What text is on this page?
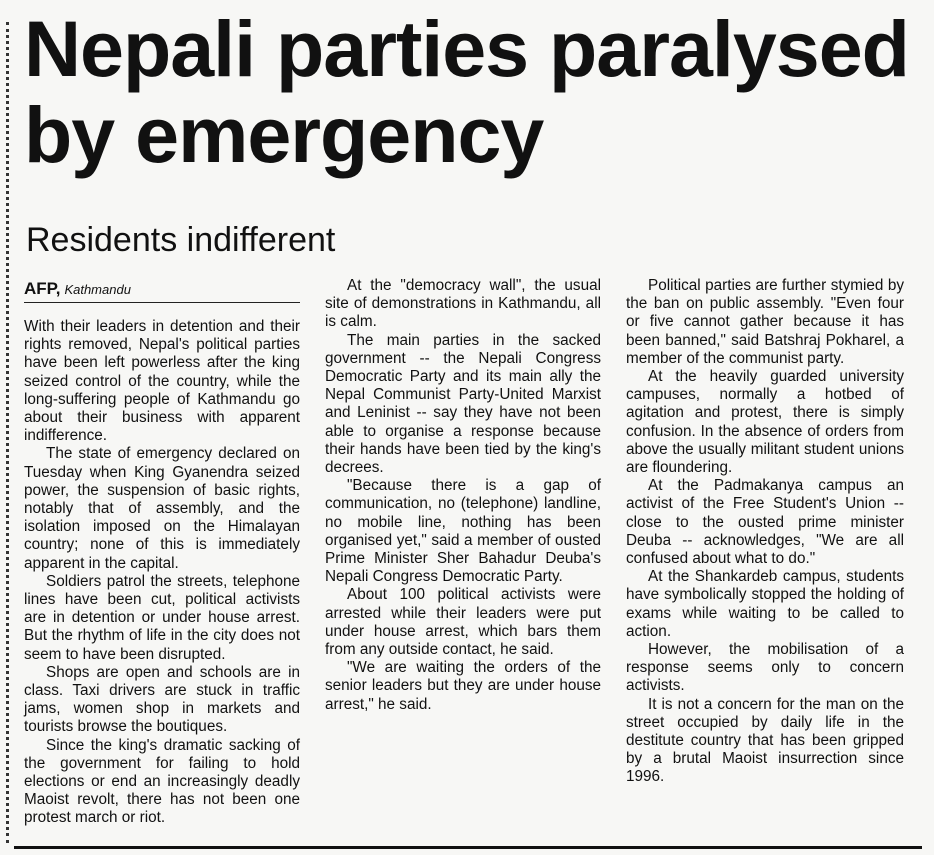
Nepali parties paralysed by emergency
Residents indifferent
AFP, Kathmandu

With their leaders in detention and their rights removed, Nepal's political parties have been left powerless after the king seized control of the country, while the long-suffering people of Kathmandu go about their business with apparent indifference.

The state of emergency declared on Tuesday when King Gyanendra seized power, the suspension of basic rights, notably that of assembly, and the isolation imposed on the Himalayan country; none of this is immediately apparent in the capital.

Soldiers patrol the streets, telephone lines have been cut, political activists are in detention or under house arrest. But the rhythm of life in the city does not seem to have been disrupted.

Shops are open and schools are in class. Taxi drivers are stuck in traffic jams, women shop in markets and tourists browse the boutiques.

Since the king's dramatic sacking of the government for failing to hold elections or end an increasingly deadly Maoist revolt, there has not been one protest march or riot.

At the "democracy wall", the usual site of demonstrations in Kathmandu, all is calm.

The main parties in the sacked government -- the Nepali Congress Democratic Party and its main ally the Nepal Communist Party-United Marxist and Leninist -- say they have not been able to organise a response because their hands have been tied by the king's decrees.

"Because there is a gap of communication, no (telephone) landline, no mobile line, nothing has been organised yet," said a member of ousted Prime Minister Sher Bahadur Deuba's Nepali Congress Democratic Party.

About 100 political activists were arrested while their leaders were put under house arrest, which bars them from any outside contact, he said.

"We are waiting the orders of the senior leaders but they are under house arrest," he said.

Political parties are further stymied by the ban on public assembly. "Even four or five cannot gather because it has been banned," said Batshraj Pokharel, a member of the communist party.

At the heavily guarded university campuses, normally a hotbed of agitation and protest, there is simply confusion. In the absence of orders from above the usually militant student unions are floundering.

At the Padmakanya campus an activist of the Free Student's Union -- close to the ousted prime minister Deuba -- acknowledges, "We are all confused about what to do."

At the Shankardeb campus, students have symbolically stopped the holding of exams while waiting to be called to action.

However, the mobilisation of a response seems only to concern activists.

It is not a concern for the man on the street occupied by daily life in the destitute country that has been gripped by a brutal Maoist insurrection since 1996.
